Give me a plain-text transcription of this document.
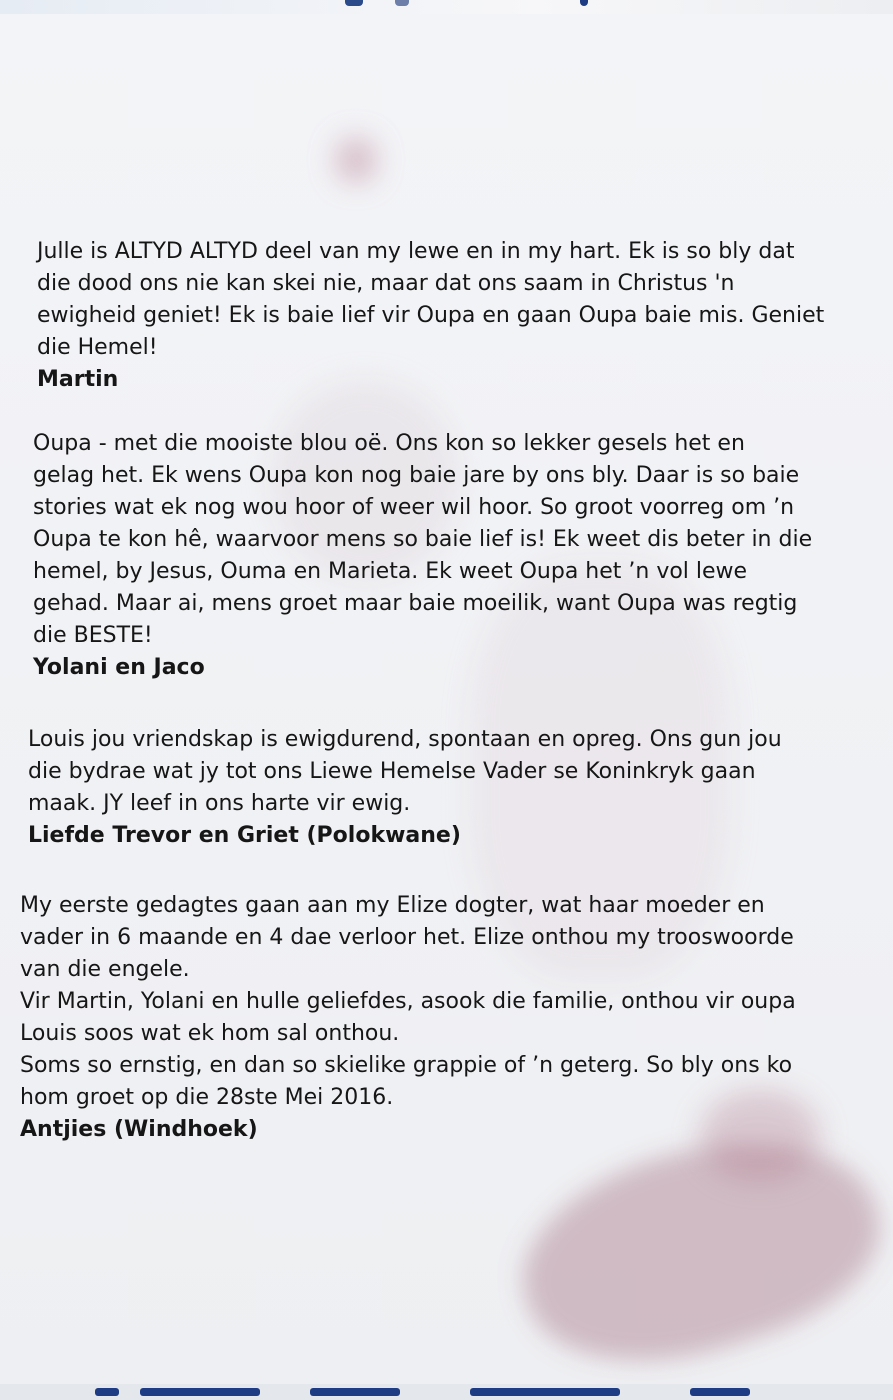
Julle is ALTYD ALTYD deel van my lewe en in my hart. Ek is so bly dat
die dood ons nie kan skei nie, maar dat ons saam in Christus 'n
ewigheid geniet! Ek is baie lief vir Oupa en gaan Oupa baie mis. Geniet
die Hemel!
Martin
Oupa - met die mooiste blou oë. Ons kon so lekker gesels het en
gelag het. Ek wens Oupa kon nog baie jare by ons bly. Daar is so baie
stories wat ek nog wou hoor of weer wil hoor. So groot voorreg om ’n
Oupa te kon hê, waarvoor mens so baie lief is! Ek weet dis beter in die
hemel, by Jesus, Ouma en Marieta. Ek weet Oupa het ’n vol lewe
gehad. Maar ai, mens groet maar baie moeilik, want Oupa was regtig
die BESTE!
Yolani en Jaco
Louis jou vriendskap is ewigdurend, spontaan en opreg. Ons gun jou
die bydrae wat jy tot ons Liewe Hemelse Vader se Koninkryk gaan
maak. JY leef in ons harte vir ewig.
Liefde Trevor en Griet (Polokwane)
My eerste gedagtes gaan aan my Elize dogter, wat haar moeder en
vader in 6 maande en 4 dae verloor het. Elize onthou my trooswoorde
van die engele.
Vir Martin, Yolani en hulle geliefdes, asook die familie, onthou vir oupa
Louis soos wat ek hom sal onthou.
Soms so ernstig, en dan so skielike grappie of ’n geterg. So bly ons ko
hom groet op die 28ste Mei 2016.
Antjies (Windhoek)
